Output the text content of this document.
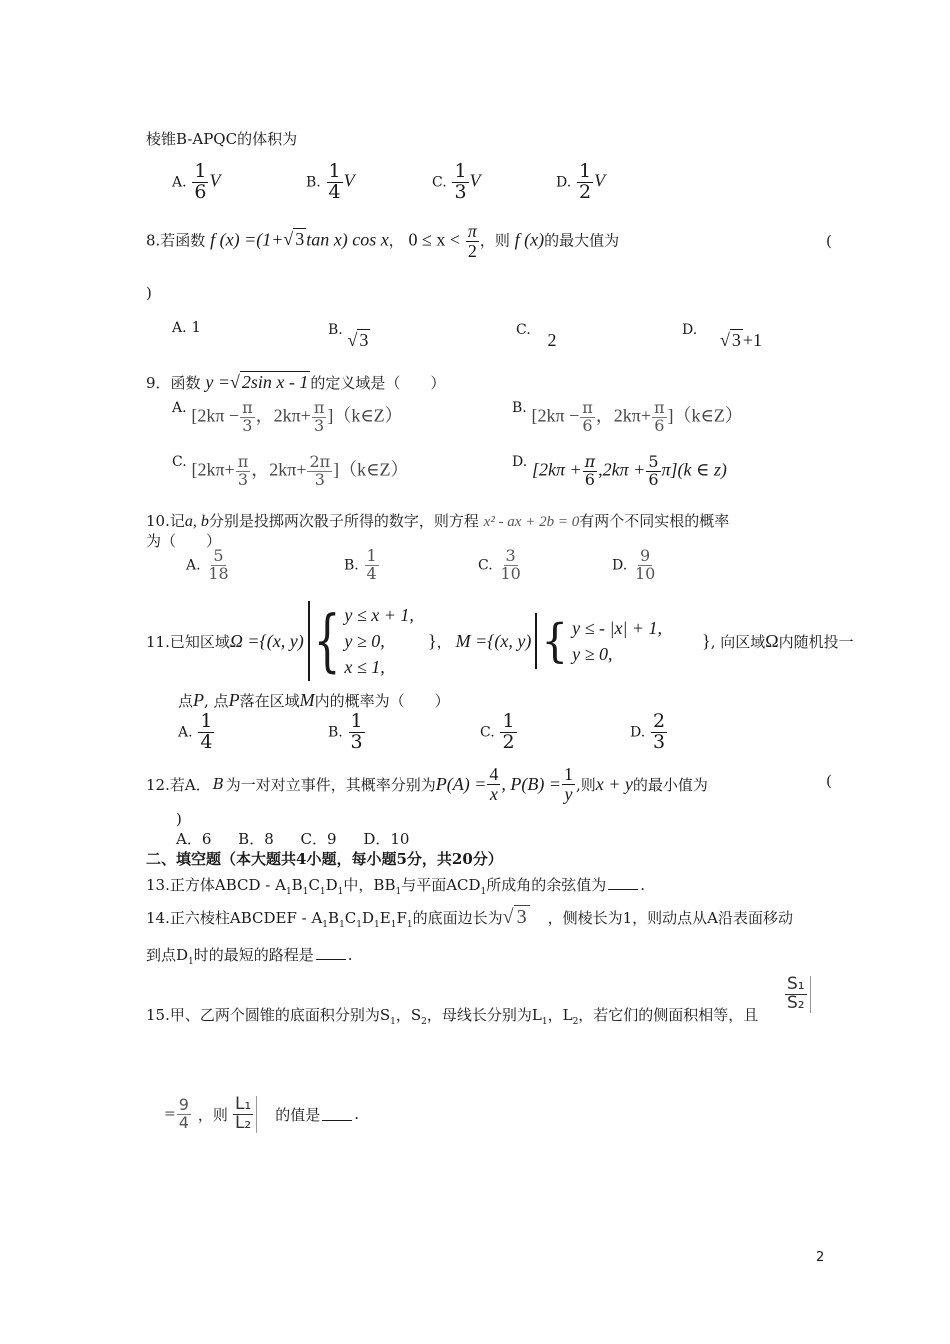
棱锥B-APQC的体积为
A. $\frac{1}{6}$ V	B. $\frac{1}{4}$ V	C. $\frac{1}{3}$ V	D. $\frac{1}{2}$ V
8.若函数 f (x) =(1+√ 3 tan x) cos x， $0 \le x < \frac{\pi}{2}$ ，则 f (x)的最大值为	(
)
A. 1	B. √ 3	C. 2	D. √ 3 +1
9．函数 y =√ 2sin x - 1 的定义域是（　　）
A. [$2k\pi - \frac{\pi}{3}$ ，$2k\pi+ \frac{\pi}{3}$ ]（k∈Z）	B. [$2k\pi - \frac{\pi}{6}$ ，$2k\pi+ \frac{\pi}{6}$ ]（k∈Z）
C. [$2k\pi+ \frac{\pi}{3}$ ，$2k\pi+ \frac{2\pi}{3}$ ]（k∈Z）	D. $[2k\pi + \frac{\pi}{6} ,2k\pi + \frac{5}{6} \pi](k$ ∈ z)
10.记a, b分别是投掷两次骰子所得的数字，则方程 x² - ax + 2b = 0有两个不同实根的概率
为（　　）
A. $\frac{5}{18}$	B. $\frac{1}{4}$	C. $\frac{3}{10}$	D. $\frac{9}{10}$
11.已知区域 Ω ={(x, y) { y ≤ x + 1,
y ≥ 0,
x ≤ 1,
} ， M ={(x, y) { y ≤ - |x| + 1,
y ≥ 0,
} , 向区域 Ω 内随机投一
点P, 点P落在区域M内的概率为（　　）
A. $\frac{1}{4}$	B. $\frac{1}{3}$	C. $\frac{1}{2}$	D. $\frac{2}{3}$
12.若A． B 为一对对立事件，其概率分别为 $P(A) = \frac{4}{x}$ , $P(B) = \frac{1}{y}$ ,则 x + y 的最小值为	(
)
A．6 B．8 C．9 D．10
二、填空题（本大题共4小题，每小题5分，共20分）
13.正方体ABCD - $A_1B_1C_1D_1$中，$BB_1$与平面$ACD_1$所成角的余弦值为 .
14.正六棱柱ABCDEF - $A_1B_1C_1D_1E_1F_1$的底面边长为√ 3 ，侧棱长为1，则动点从A沿表面移动
到点$D_1$时的最短的路程是 .
15.甲、乙两个圆锥的底面积分别为$S_1$，$S_2$，母线长分别为$L_1$，$L_2$，若它们的侧面积相等，且
$\frac{\text{S₁}}{\text{S₂}}$
= $\frac{9}{4}$ ，则 $\frac{\text{L₁}}{\text{L₂}}$ 的值是 .
2
